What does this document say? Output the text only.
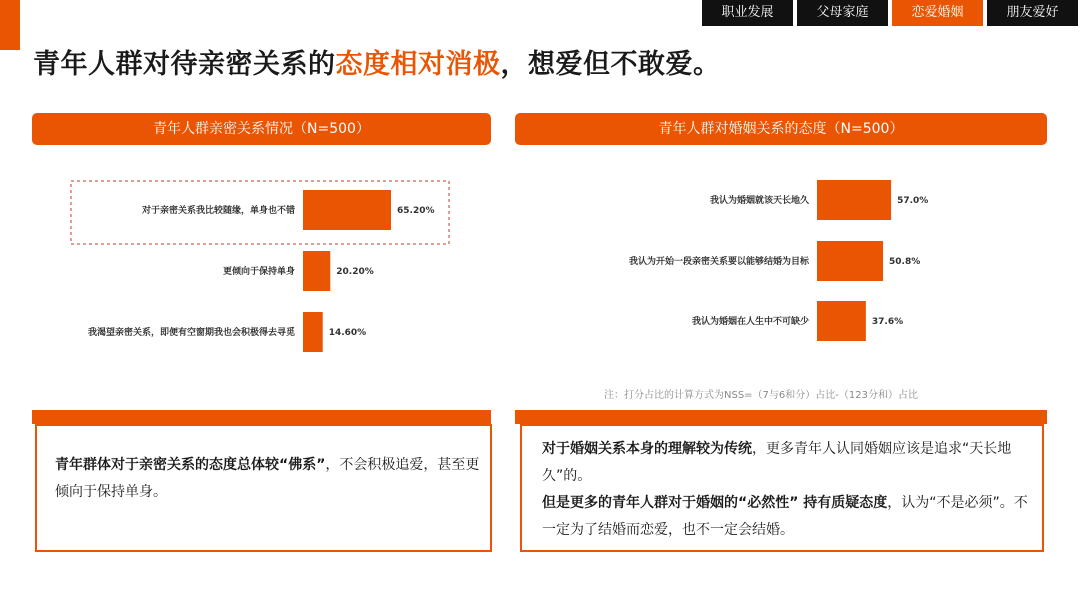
职业发展	父母家庭	恋爱婚姻	朋友爱好
青年人群对待亲密关系的态度相对消极，想爱但不敢爱。
青年人群亲密关系情况（N=500）	青年人群对婚姻关系的态度（N=500）
对于亲密关系我比较随缘，单身也不错	65.20%
更倾向于保持单身	20.20%
我渴望亲密关系，即便有空窗期我也会积极得去寻觅	14.60%
我认为婚姻就该天长地久	57.0%
我认为开始一段亲密关系要以能够结婚为目标	50.8%
我认为婚姻在人生中不可缺少	37.6%
注：打分占比的计算方式为NSS=（7与6和分）占比-（123分和）占比
青年群体对于亲密关系的态度总体较“佛系”，不会积极追爱，甚至更倾向于保持单身。
对于婚姻关系本身的理解较为传统，更多青年人认同婚姻应该是追求“天长地久”的。
但是更多的青年人群对于婚姻的“必然性” 持有质疑态度，认为“不是必须”。不一定为了结婚而恋爱，也不一定会结婚。
